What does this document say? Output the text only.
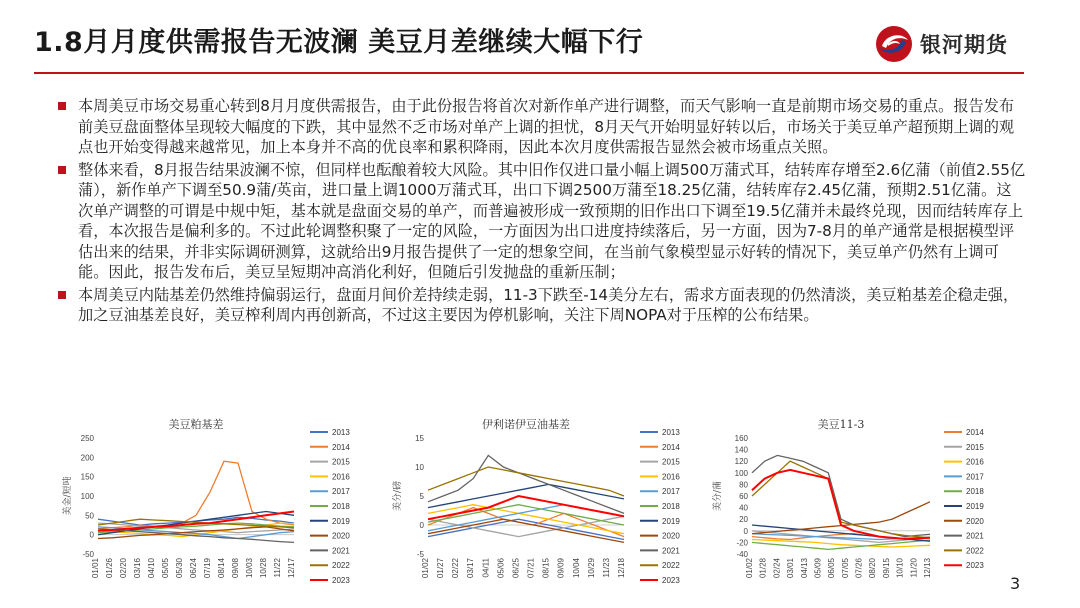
1.8月月度供需报告无波澜 美豆月差继续大幅下行	银河期货
本周美豆市场交易重心转到8月月度供需报告，由于此份报告将首次对新作单产进行调整，而天气影响一直是前期市场交易的重点。报告发布前美豆盘面整体呈现较大幅度的下跌，其中显然不乏市场对单产上调的担忧，8月天气开始明显好转以后，市场关于美豆单产超预期上调的观点也开始变得越来越常见，加上本身并不高的优良率和累积降雨，因此本次月度供需报告显然会被市场重点关照。
整体来看，8月报告结果波澜不惊，但同样也酝酿着较大风险。其中旧作仅进口量小幅上调500万蒲式耳，结转库存增至2.6亿蒲（前值2.55亿蒲），新作单产下调至50.9蒲/英亩，进口量上调1000万蒲式耳，出口下调2500万蒲至18.25亿蒲，结转库存2.45亿蒲，预期2.51亿蒲。这次单产调整的可谓是中规中矩，基本就是盘面交易的单产，而普遍被形成一致预期的旧作出口下调至19.5亿蒲并未最终兑现，因而结转库存上看，本次报告是偏利多的。不过此轮调整积聚了一定的风险，一方面因为出口进度持续落后，另一方面，因为7-8月的单产通常是根据模型评估出来的结果，并非实际调研测算，这就给出9月报告提供了一定的想象空间，在当前气象模型显示好转的情况下，美豆单产仍然有上调可能。因此，报告发布后，美豆呈短期冲高消化利好，但随后引发抛盘的重新压制；
本周美豆内陆基差仍然维持偏弱运行，盘面月间价差持续走弱，11-3下跌至-14美分左右，需求方面表现的仍然清淡，美豆粕基差企稳走强，加之豆油基差良好，美豆榨利周内再创新高，不过这主要因为停机影响，关注下周NOPA对于压榨的公布结果。
美豆粕基差
美金/短吨
250
200
150
100
50
0
-50
01/01 01/26 02/20 03/16 04/10 05/05 05/30 06/24 07/19 08/14 09/08 10/03 10/28 11/22 12/17
2013
2014
2015
2016
2017
2018
2019
2020
2021
2022
2023
伊利诺伊豆油基差
美分/磅
15
10
5
0
-5
01/02 01/27 02/22 03/17 04/11 05/06 06/25 07/21 08/15 09/09 10/04 10/29 11/23 12/18
2013
2014
2015
2016
2017
2018
2019
2020
2021
2022
2023
美豆11-3
美分/蒲
160
140
120
100
80
60
40
20
0
-20
-40
01/02 01/28 02/24 03/01 04/13 05/09 06/05 07/05 07/26 08/20 09/15 10/10 11/20 12/13
2014
2015
2016
2017
2018
2019
2020
2021
2022
2023
3
